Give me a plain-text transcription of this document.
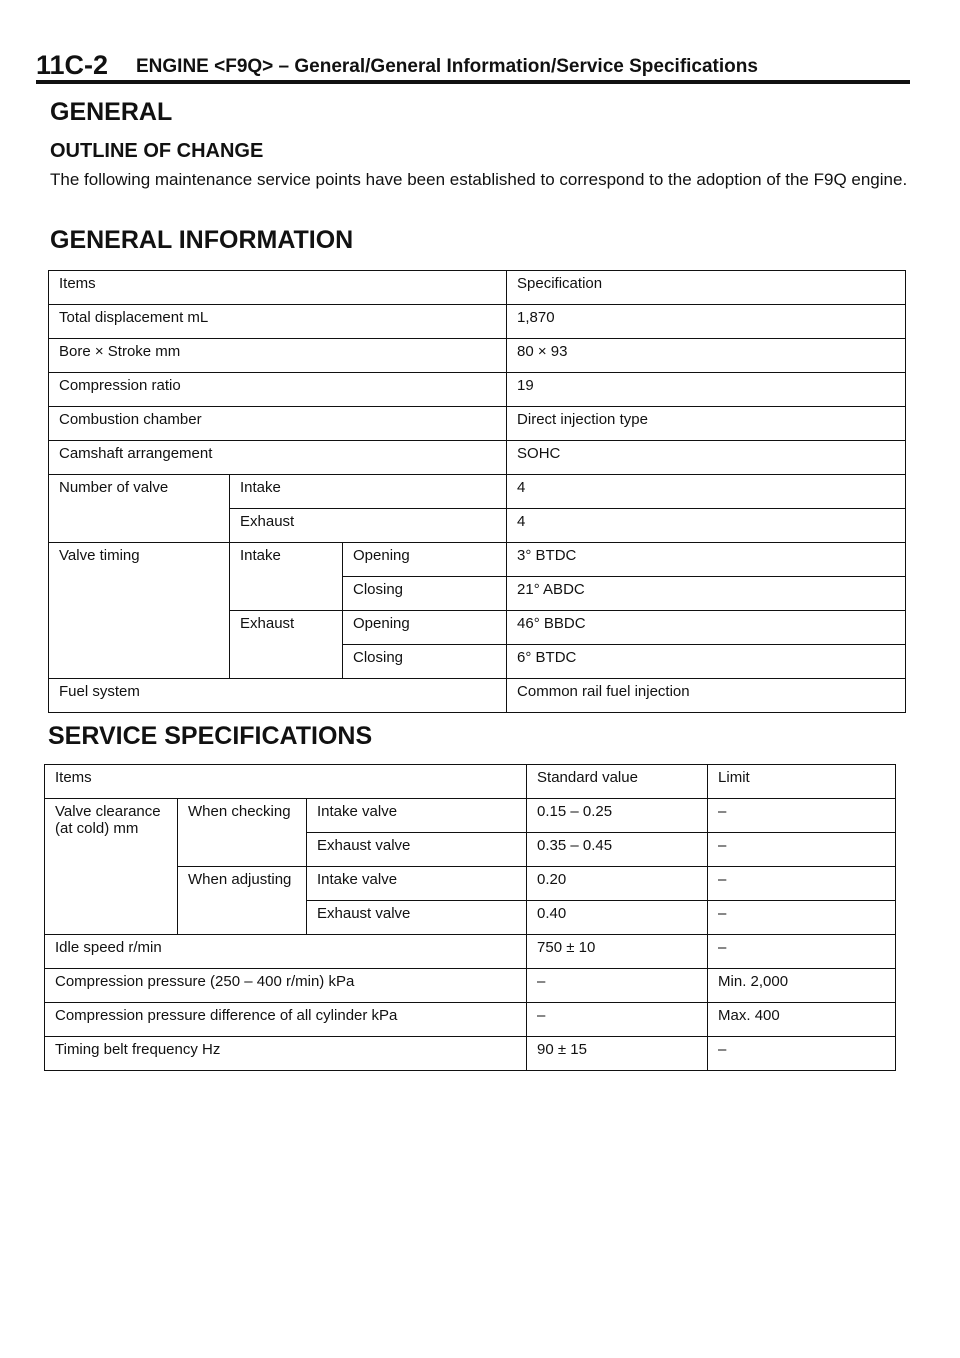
11C-2 ENGINE <F9Q> – General/General Information/Service Specifications
GENERAL
OUTLINE OF CHANGE

The following maintenance service points have been established to correspond to the adoption of the F9Q engine.

GENERAL INFORMATION
Items			Specification
Total displacement mL			1,870
Bore × Stroke mm			80 × 93
Compression ratio			19
Combustion chamber			Direct injection type
Camshaft arrangement			SOHC
Number of valve	Intake		4
	Exhaust		4
Valve timing	Intake	Opening	3° BTDC
		Closing	21° ABDC
	Exhaust	Opening	46° BBDC
		Closing	6° BTDC
Fuel system			Common rail fuel injection
SERVICE SPECIFICATIONS
Items			Standard value	Limit
Valve clearance (at cold) mm	When checking	Intake valve	0.15 – 0.25	–
		Exhaust valve	0.35 – 0.45	–
	When adjusting	Intake valve	0.20	–
		Exhaust valve	0.40	–
Idle speed r/min			750 ± 10	–
Compression pressure (250 – 400 r/min) kPa			–	Min. 2,000
Compression pressure difference of all cylinder kPa			–	Max. 400
Timing belt frequency Hz			90 ± 15	–
